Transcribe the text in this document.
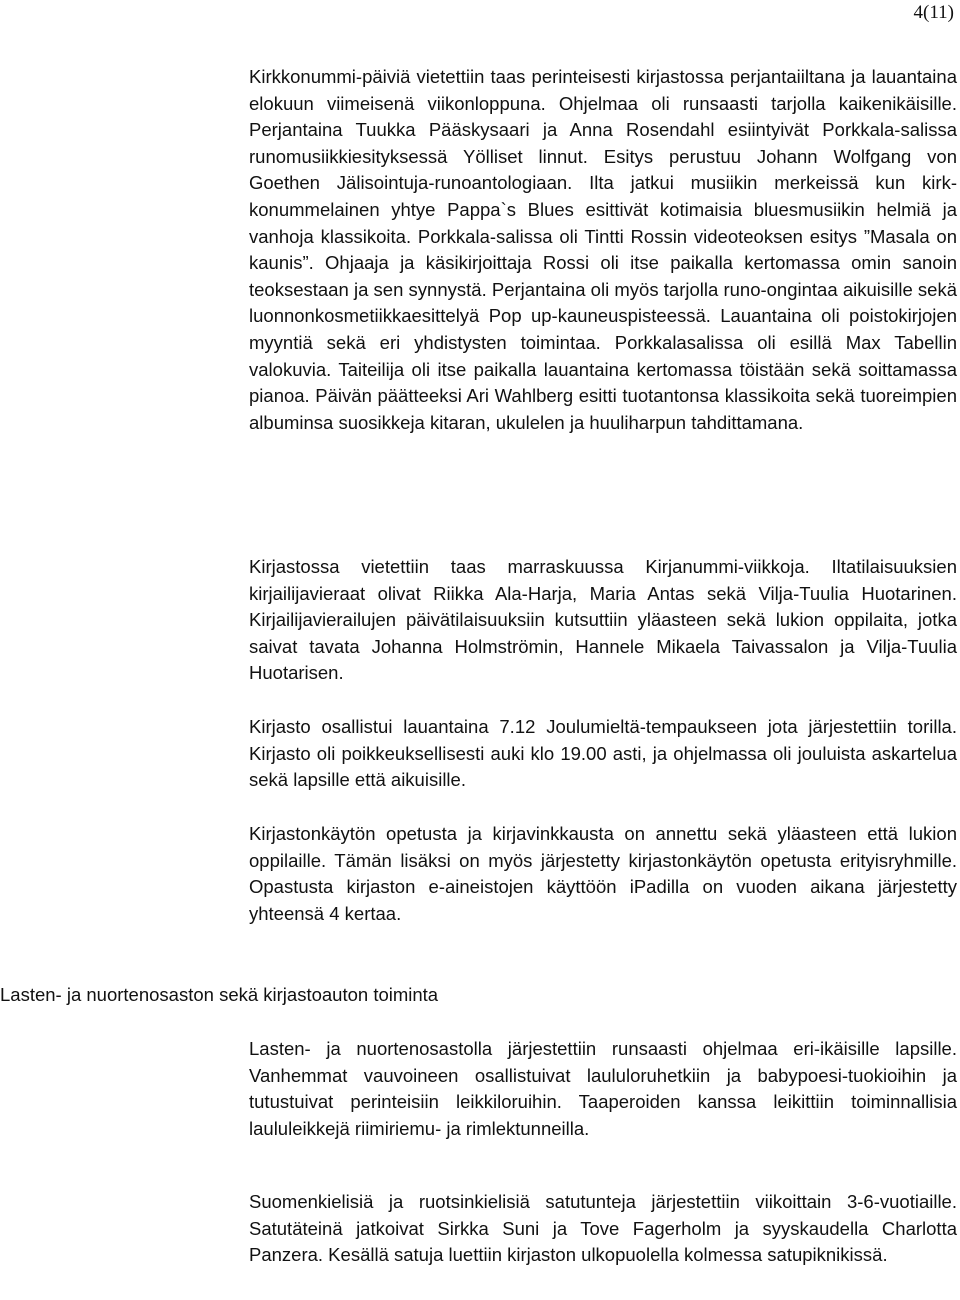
4(11)

Kirkkonummi-päiviä vietettiin taas perinteisesti kirjastossa perjantaiiltana ja lauantaina elokuun viimeisenä viikonloppuna. Ohjelmaa oli runsaasti tarjolla kaikenikäisille. Perjantaina Tuukka Pääskysaari ja Anna Rosendahl esiintyivät Porkkala-salissa runomusiikkiesityksessä Yölliset linnut. Esitys perustuu Johann Wolfgang von Goethen Jälisointuja-runoantologiaan. Ilta jatkui musiikin merkeissä kun kirkkonummelainen yhtye Pappa`s Blues esittivät kotimaisia bluesmusiikin helmiä ja vanhoja klassikoita. Porkkala-salissa oli Tintti Rossin videoteoksen esitys ”Masala on kaunis”. Ohjaaja ja käsikirjoittaja Rossi oli itse paikalla kertomassa omin sanoin teoksestaan ja sen synnystä. Perjantaina oli myös tarjolla runo-ongintaa aikuisille sekä luonnonkosmetiikkaesittelyä Pop up-kauneuspisteessä. Lauantaina oli poistokirjojen myyntiä sekä eri yhdistysten toimintaa. Porkkalasalissa oli esillä Max Tabellin valokuvia. Taiteilija oli itse paikalla lauantaina kertomassa töistään sekä soittamassa pianoa. Päivän päätteeksi Ari Wahlberg esitti tuotantonsa klassikoita sekä tuoreimpien albuminsa suosikkeja kitaran, ukulelen ja huuliharpun tahdittamana.

Kirjastossa vietettiin taas marraskuussa Kirjanummi-viikkoja. Iltatilaisuuksien kirjailijavieraat olivat Riikka Ala-Harja, Maria Antas sekä Vilja-Tuulia Huotarinen. Kirjailijavierailujen päivätilaisuuksiin kutsuttiin yläasteen sekä lukion oppilaita, jotka saivat tavata Johanna Holmströmin, Hannele Mikaela Taivassalon ja Vilja-Tuulia Huotarisen.

Kirjasto osallistui lauantaina 7.12 Joulumieltä-tempaukseen jota järjestettiin torilla. Kirjasto oli poikkeuksellisesti auki klo 19.00 asti, ja ohjelmassa oli jouluista askartelua sekä lapsille että aikuisille.

Kirjastonkäytön opetusta ja kirjavinkkausta on annettu sekä yläasteen että lukion oppilaille. Tämän lisäksi on myös järjestetty kirjastonkäytön opetusta erityisryhmille. Opastusta kirjaston e-aineistojen käyttöön iPadilla on vuoden aikana järjestetty yhteensä 4 kertaa.

Lasten- ja nuortenosaston sekä kirjastoauton toiminta

Lasten- ja nuortenosastolla järjestettiin runsaasti ohjelmaa eri-ikäisille lapsille. Vanhemmat vauvoineen osallistuivat laululoruhetkiin ja babypoesi-tuokioihin ja tutustuivat perinteisiin leikkiloruihin. Taaperoiden kanssa leikittiin toiminnallisia laululeikkejä riimiriemu- ja rimlektunneilla.

Suomenkielisiä ja ruotsinkielisiä satutunteja järjestettiin viikoittain 3-6-vuotiaille. Satutäteinä jatkoivat Sirkka Suni ja Tove Fagerholm ja syyskaudella Charlotta Panzera. Kesällä satuja luettiin kirjaston ulkopuolella kolmessa satupiknikissä.
